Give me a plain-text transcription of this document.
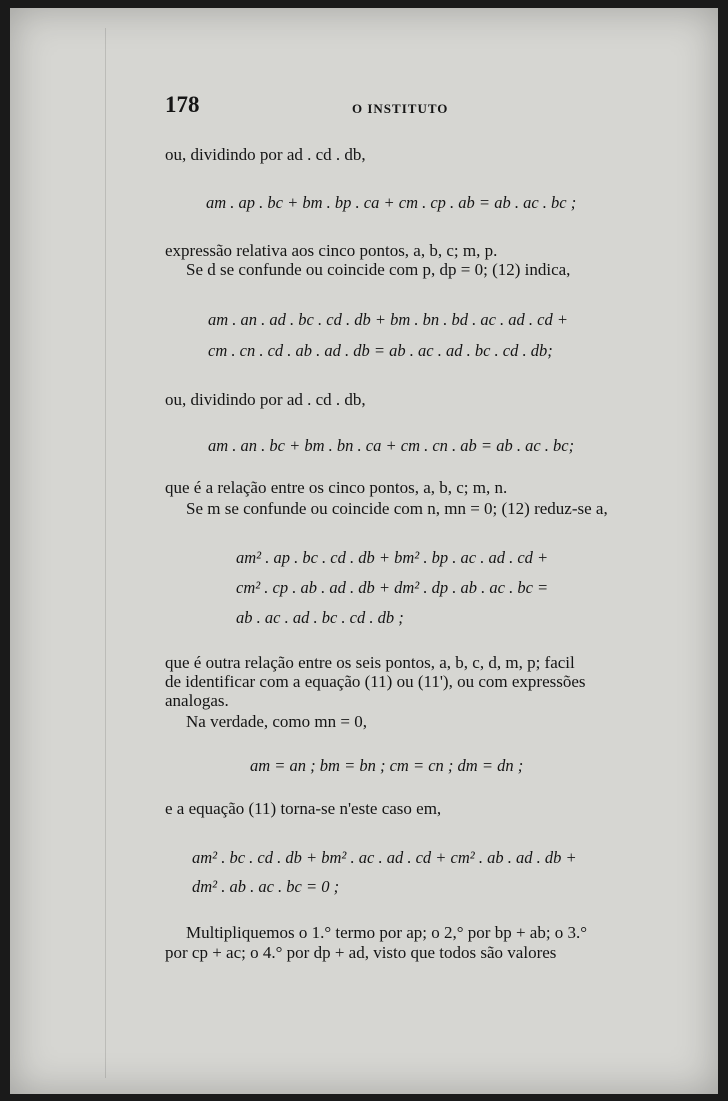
178	O INSTITUTO
ou, dividindo por ad . cd . db,
am . ap . bc + bm . bp . ca + cm . cp . ab = ab . ac . bc ;
expressão relativa aos cinco pontos, a, b, c; m, p.
Se d se confunde ou coincide com p, dp = 0; (12) indica,
am . an . ad . bc . cd . db + bm . bn . bd . ac . ad . cd +
cm . cn . cd . ab . ad . db = ab . ac . ad . bc . cd . db;
ou, dividindo por ad . cd . db,
am . an . bc + bm . bn . ca + cm . cn . ab = ab . ac . bc;
que é a relação entre os cinco pontos, a, b, c; m, n.
Se m se confunde ou coincide com n, mn = 0; (12) reduz-se a,
am² . ap . bc . cd . db + bm² . bp . ac . ad . cd +
cm² . cp . ab . ad . db + dm² . dp . ab . ac . bc =
ab . ac . ad . bc . cd . db ;
que é outra relação entre os seis pontos, a, b, c, d, m, p; facil
de identificar com a equação (11) ou (11'), ou com expressões
analogas.
Na verdade, como mn = 0,
am = an ; bm = bn ; cm = cn ; dm = dn ;
e a equação (11) torna-se n'este caso em,
am² . bc . cd . db + bm² . ac . ad . cd + cm² . ab . ad . db +
dm² . ab . ac . bc = 0 ;
Multipliquemos o 1.° termo por ap; o 2,° por bp + ab; o 3.°
por cp + ac; o 4.° por dp + ad, visto que todos são valores
